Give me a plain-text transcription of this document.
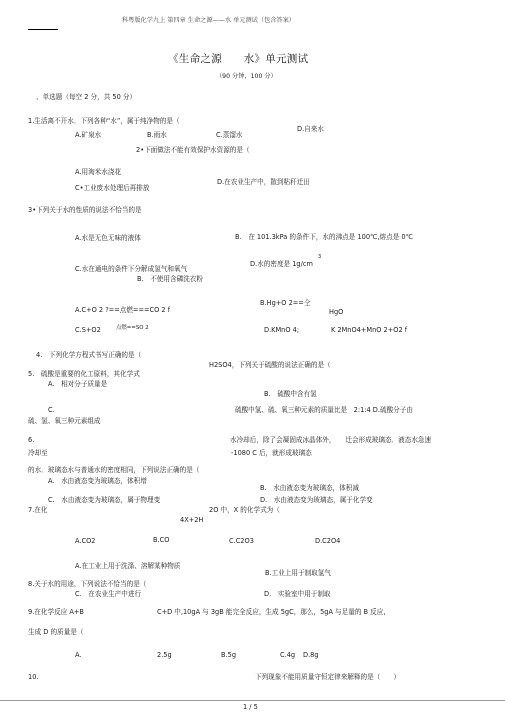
科粤版化学九上 第四章 生命之源——水 单元测试（包含答案）
《生命之源　　水》单元测试
（90 分钟，100 分）
、单选题（每空 2 分，共 50 分）
1.生活离不开水．下列各种“水”，属于纯净物的是（
D.自来水
A.矿泉水	B.雨水	C.蒸馏水
2•下面做法不能有效保护水资源的是（
A.用淘米水浇花
D.在农业生产中，散到粘秆迁田
C•工业废水处理后再排放
3•下列关于水的性质的说法不恰当的是
A.水是无色无味的液体	B.　在 101.3kPa 的条件下，水的沸点是 100℃,熔点是 0℃
3
D.水的密度是 1g/cm
C.水在通电的条件下分解成氢气和氧气
B.　不使用含磷洗衣粉
B.Hg+O 2==仝
A.C+O 2 ?==点燃===CO 2 f	HgO
C.S+O2	点燃==SO 2	D.KMnO 4;	K 2MnO4+MnO 2+O2 f
4.　下列化学方程式书写正确的是（
H2SO4，下列关于硫酸的说法正确的是（
5.　硫酸是重要的化工原料，其化学式
A.　相对分子质量是
B.　硫酸中含有氢
C.	硫酸中氢、硫、氧三种元素的质量比是　2:1:4 D.硫酸分子由
硫、氢、氧三种元素组成
6.	水冷却后，除了会凝固成冰晶体外，　　迁会形成玻璃态．液态水急速
冷却至	-1080 C 后，就形成玻璃态
的水．玻璃态水与普通水的密度相同，下列说法正确的是（
A.　水由液态变为玻璃态，体积增
B.　水由液态变为玻璃态，体积减
C.　水由液态变为玻璃态，属于物理变	D.　水由液态变为玻璃态，属于化学变
7.在化	2O 中，X 的化学式为（
4X+2H
A.CO2	B.CO	C.C2O3	D.C2O4
A.在工业上用于洗涤、溶解某种物质
B.工业上用于制取氢气
8.关于水的用途，下列说法不恰当的是（
C.　在农业生产中进行	D.　实验室中用于制取
9.在化学反应 A+B	C+D 中,10gA 与 3gB 能完全反应，生成 5gC，那么，5gA 与足量的 B 反应,
生成 D 的质量是（
A.	2.5g	B.5g	C.4g D.8g
10.	下列现象不能用质量守恒定律来解释的是（　　）
1 / 5
